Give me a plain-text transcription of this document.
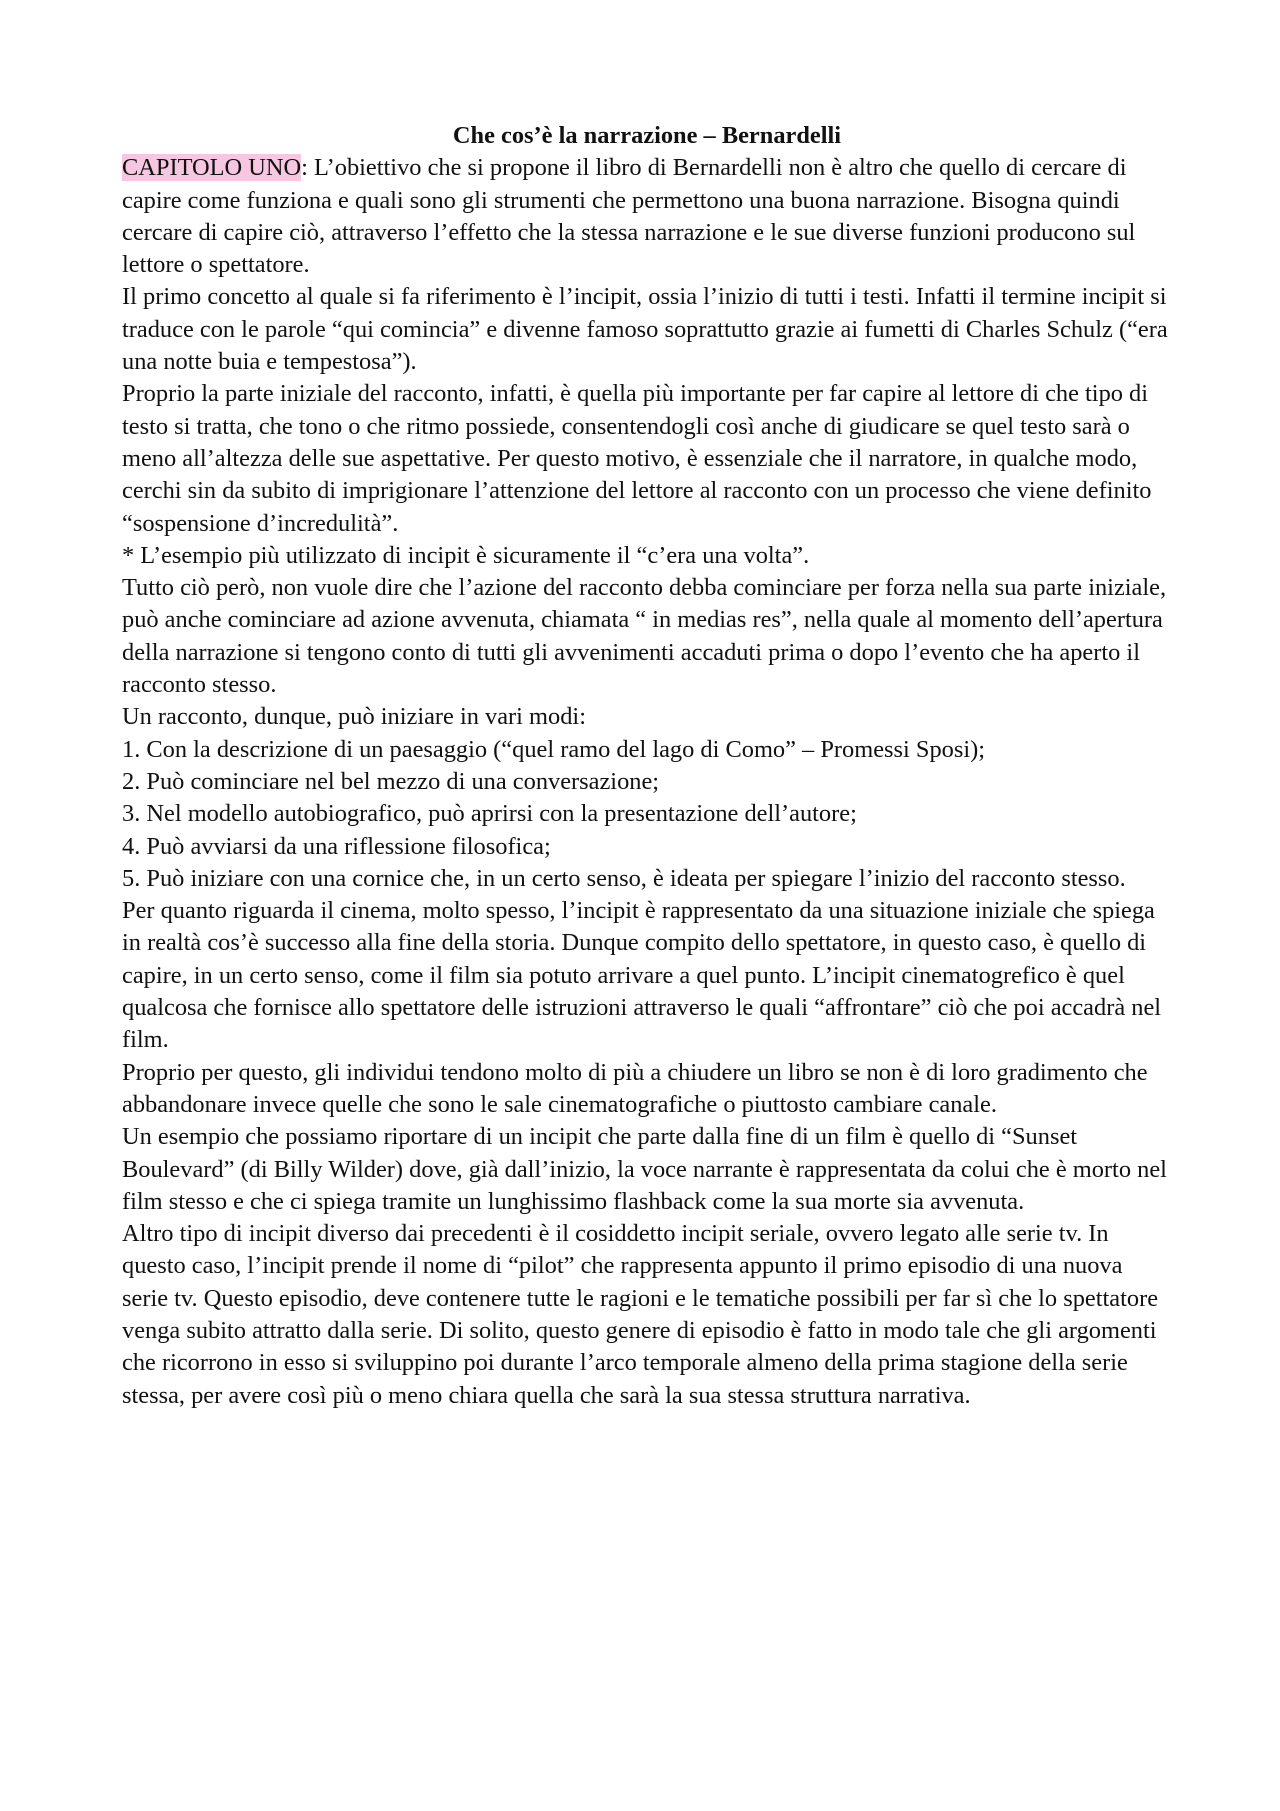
Che cos’è la narrazione – Bernardelli

CAPITOLO UNO: L’obiettivo che si propone il libro di Bernardelli non è altro che quello di cercare di capire come funziona e quali sono gli strumenti che permettono una buona narrazione. Bisogna quindi cercare di capire ciò, attraverso l’effetto che la stessa narrazione e le sue diverse funzioni producono sul lettore o spettatore.

Il primo concetto al quale si fa riferimento è l’incipit, ossia l’inizio di tutti i testi. Infatti il termine incipit si traduce con le parole “qui comincia” e divenne famoso soprattutto grazie ai fumetti di Charles Schulz (“era una notte buia e tempestosa”).

Proprio la parte iniziale del racconto, infatti, è quella più importante per far capire al lettore di che tipo di testo si tratta, che tono o che ritmo possiede, consentendogli così anche di giudicare se quel testo sarà o meno all’altezza delle sue aspettative. Per questo motivo, è essenziale che il narratore, in qualche modo, cerchi sin da subito di imprigionare l’attenzione del lettore al racconto con un processo che viene definito “sospensione d’incredulità”.

* L’esempio più utilizzato di incipit è sicuramente il “c’era una volta”.

Tutto ciò però, non vuole dire che l’azione del racconto debba cominciare per forza nella sua parte iniziale, può anche cominciare ad azione avvenuta, chiamata “ in medias res”, nella quale al momento dell’apertura della narrazione si tengono conto di tutti gli avvenimenti accaduti prima o dopo l’evento che ha aperto il racconto stesso.

Un racconto, dunque, può iniziare in vari modi:

1. Con la descrizione di un paesaggio (“quel ramo del lago di Como” – Promessi Sposi);

2. Può cominciare nel bel mezzo di una conversazione;

3. Nel modello autobiografico, può aprirsi con la presentazione dell’autore;

4. Può avviarsi da una riflessione filosofica;

5. Può iniziare con una cornice che, in un certo senso, è ideata per spiegare l’inizio del racconto stesso.

Per quanto riguarda il cinema, molto spesso, l’incipit è rappresentato da una situazione iniziale che spiega in realtà cos’è successo alla fine della storia. Dunque compito dello spettatore, in questo caso, è quello di capire, in un certo senso, come il film sia potuto arrivare a quel punto. L’incipit cinematogrefico è quel qualcosa che fornisce allo spettatore delle istruzioni attraverso le quali “affrontare” ciò che poi accadrà nel film.

Proprio per questo, gli individui tendono molto di più a chiudere un libro se non è di loro gradimento che abbandonare invece quelle che sono le sale cinematografiche o piuttosto cambiare canale.

Un esempio che possiamo riportare di un incipit che parte dalla fine di un film è quello di “Sunset Boulevard” (di Billy Wilder) dove, già dall’inizio, la voce narrante è rappresentata da colui che è morto nel film stesso e che ci spiega tramite un lunghissimo flashback come la sua morte sia avvenuta.

Altro tipo di incipit diverso dai precedenti è il cosiddetto incipit seriale, ovvero legato alle serie tv. In questo caso, l’incipit prende il nome di “pilot” che rappresenta appunto il primo episodio di una nuova serie tv. Questo episodio, deve contenere tutte le ragioni e le tematiche possibili per far sì che lo spettatore venga subito attratto dalla serie. Di solito, questo genere di episodio è fatto in modo tale che gli argomenti che ricorrono in esso si sviluppino poi durante l’arco temporale almeno della prima stagione della serie stessa, per avere così più o meno chiara quella che sarà la sua stessa struttura narrativa.
